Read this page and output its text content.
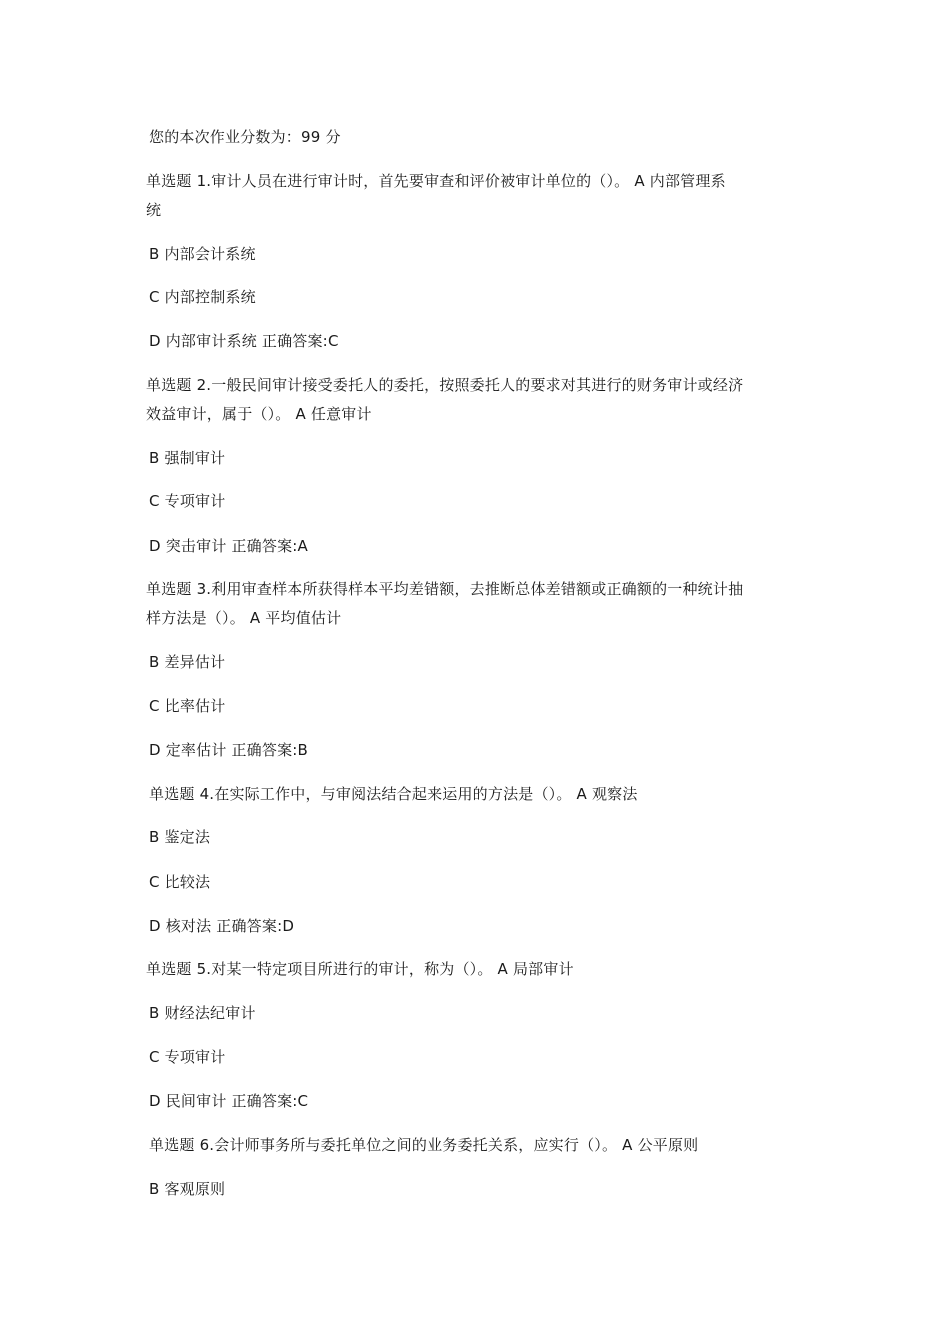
您的本次作业分数为：99 分
单选题 1.审计人员在进行审计时，首先要审查和评价被审计单位的（）。 A 内部管理系
统
B 内部会计系统
C 内部控制系统
D 内部审计系统 正确答案:C
单选题 2.一般民间审计接受委托人的委托，按照委托人的要求对其进行的财务审计或经济
效益审计，属于（）。 A 任意审计
B 强制审计
C 专项审计
D 突击审计 正确答案:A
单选题 3.利用审查样本所获得样本平均差错额，去推断总体差错额或正确额的一种统计抽
样方法是（）。 A 平均值估计
B 差异估计
C 比率估计
D 定率估计 正确答案:B
单选题 4.在实际工作中，与审阅法结合起来运用的方法是（）。 A 观察法
B 鉴定法
C 比较法
D 核对法 正确答案:D
单选题 5.对某一特定项目所进行的审计，称为（）。 A 局部审计
B 财经法纪审计
C 专项审计
D 民间审计 正确答案:C
单选题 6.会计师事务所与委托单位之间的业务委托关系，应实行（）。 A 公平原则
B 客观原则
